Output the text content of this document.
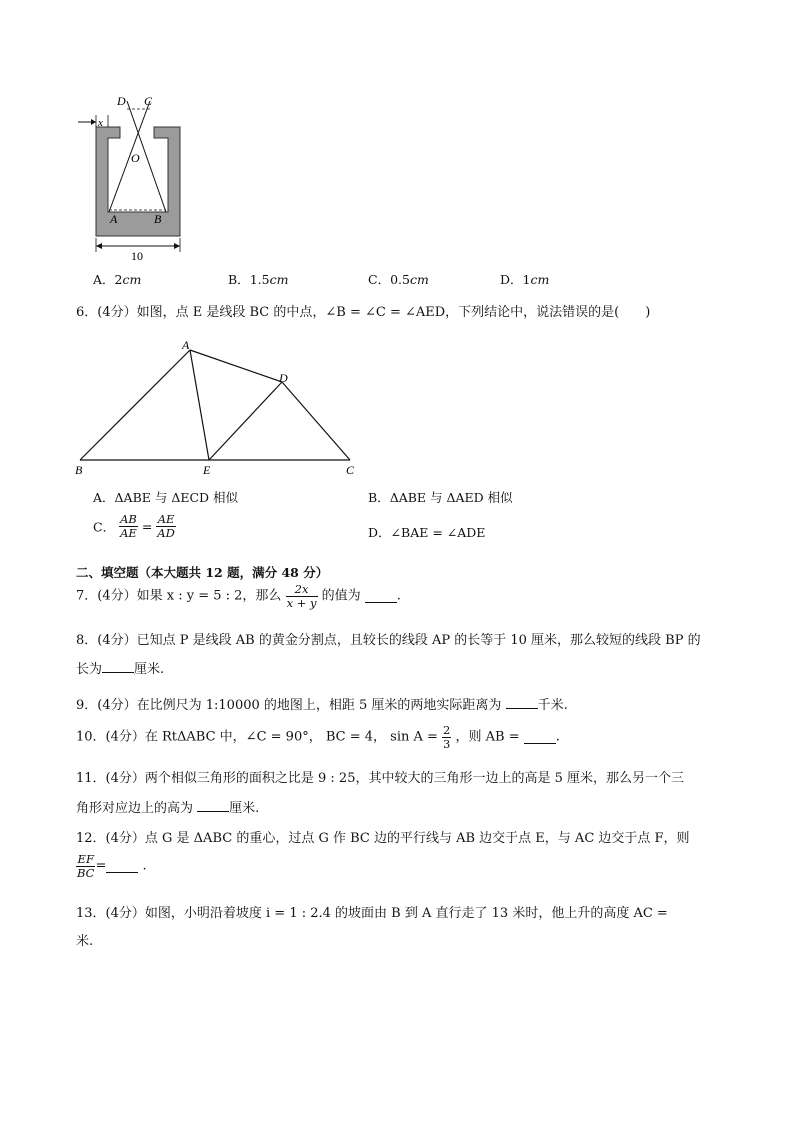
D C
x
O
A	B
10
A．2cm	B．1.5cm	C．0.5cm	D．1cm
6．(4分）如图，点 E 是线段 BC 的中点，∠B = ∠C = ∠AED，下列结论中，说法错误的是(　　)
A
B	E	C
D
A．ΔABE 与 ΔECD 相似	B．ΔABE 与 ΔAED 相似
C． $\frac{AB}{AE} = \frac{AE}{AD}$	D．∠BAE = ∠ADE
二、填空题（本大题共 12 题，满分 48 分）
7．(4分）如果 x : y = 5 : 2，那么 $\frac{2x}{x + y}$ 的值为	.
8．(4分）已知点 P 是线段 AB 的黄金分割点，且较长的线段 AP 的长等于 10 厘米，那么较短的线段 BP 的
长为 厘米.
9．(4分）在比例尺为 1:10000 的地图上，相距 5 厘米的两地实际距离为	千米.
10．(4分）在 RtΔABC 中，∠C = 90°， BC = 4， $\sin A = \frac{2}{3}$ ，则 AB =	.
11．(4分）两个相似三角形的面积之比是 9 : 25，其中较大的三角形一边上的高是 5 厘米，那么另一个三
角形对应边上的高为	厘米.
12．(4分）点 G 是 ΔABC 的重心，过点 G 作 BC 边的平行线与 AB 边交于点 E，与 AC 边交于点 F，则
$\frac{EF}{BC}$ =	.
13．(4分）如图，小明沿着坡度 i = 1 : 2.4 的坡面由 B 到 A 直行走了 13 米时，他上升的高度 AC =
米.
